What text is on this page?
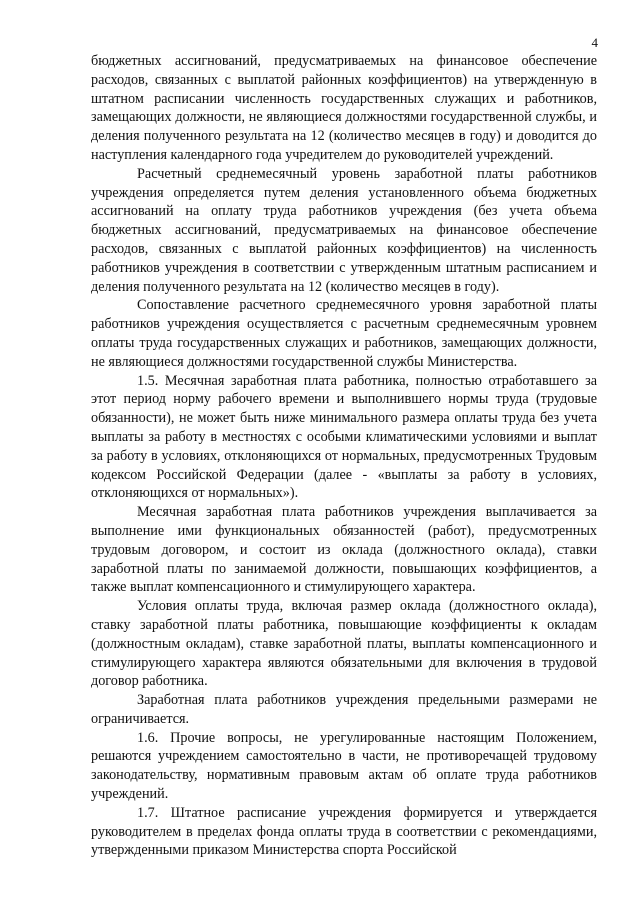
4

бюджетных ассигнований, предусматриваемых на финансовое обеспечение расходов, связанных с выплатой районных коэффициентов) на утвержденную в штатном расписании численность государственных служащих и работников, замещающих должности, не являющиеся должностями государственной службы, и деления полученного результата на 12 (количество месяцев в году) и доводится до наступления календарного года учредителем до руководителей учреждений.

Расчетный среднемесячный уровень заработной платы работников учреждения определяется путем деления установленного объема бюджетных ассигнований на оплату труда работников учреждения (без учета объема бюджетных ассигнований, предусматриваемых на финансовое обеспечение расходов, связанных с выплатой районных коэффициентов) на численность работников учреждения в соответствии с утвержденным штатным расписанием и деления полученного результата на 12 (количество месяцев в году).

Сопоставление расчетного среднемесячного уровня заработной платы работников учреждения осуществляется с расчетным среднемесячным уровнем оплаты труда государственных служащих и работников, замещающих должности, не являющиеся должностями государственной службы Министерства.

1.5. Месячная заработная плата работника, полностью отработавшего за этот период норму рабочего времени и выполнившего нормы труда (трудовые обязанности), не может быть ниже минимального размера оплаты труда без учета выплаты за работу в местностях с особыми климатическими условиями и выплат за работу в условиях, отклоняющихся от нормальных, предусмотренных Трудовым кодексом Российской Федерации (далее - «выплаты за работу в условиях, отклоняющихся от нормальных»).

Месячная заработная плата работников учреждения выплачивается за выполнение ими функциональных обязанностей (работ), предусмотренных трудовым договором, и состоит из оклада (должностного оклада), ставки заработной платы по занимаемой должности, повышающих коэффициентов, а также выплат компенсационного и стимулирующего характера.

Условия оплаты труда, включая размер оклада (должностного оклада), ставку заработной платы работника, повышающие коэффициенты к окладам (должностным окладам), ставке заработной платы, выплаты компенсационного и стимулирующего характера являются обязательными для включения в трудовой договор работника.

Заработная плата работников учреждения предельными размерами не ограничивается.

1.6. Прочие вопросы, не урегулированные настоящим Положением, решаются учреждением самостоятельно в части, не противоречащей трудовому законодательству, нормативным правовым актам об оплате труда работников учреждений.

1.7. Штатное расписание учреждения формируется и утверждается руководителем в пределах фонда оплаты труда в соответствии с рекомендациями, утвержденными приказом Министерства спорта Российской
